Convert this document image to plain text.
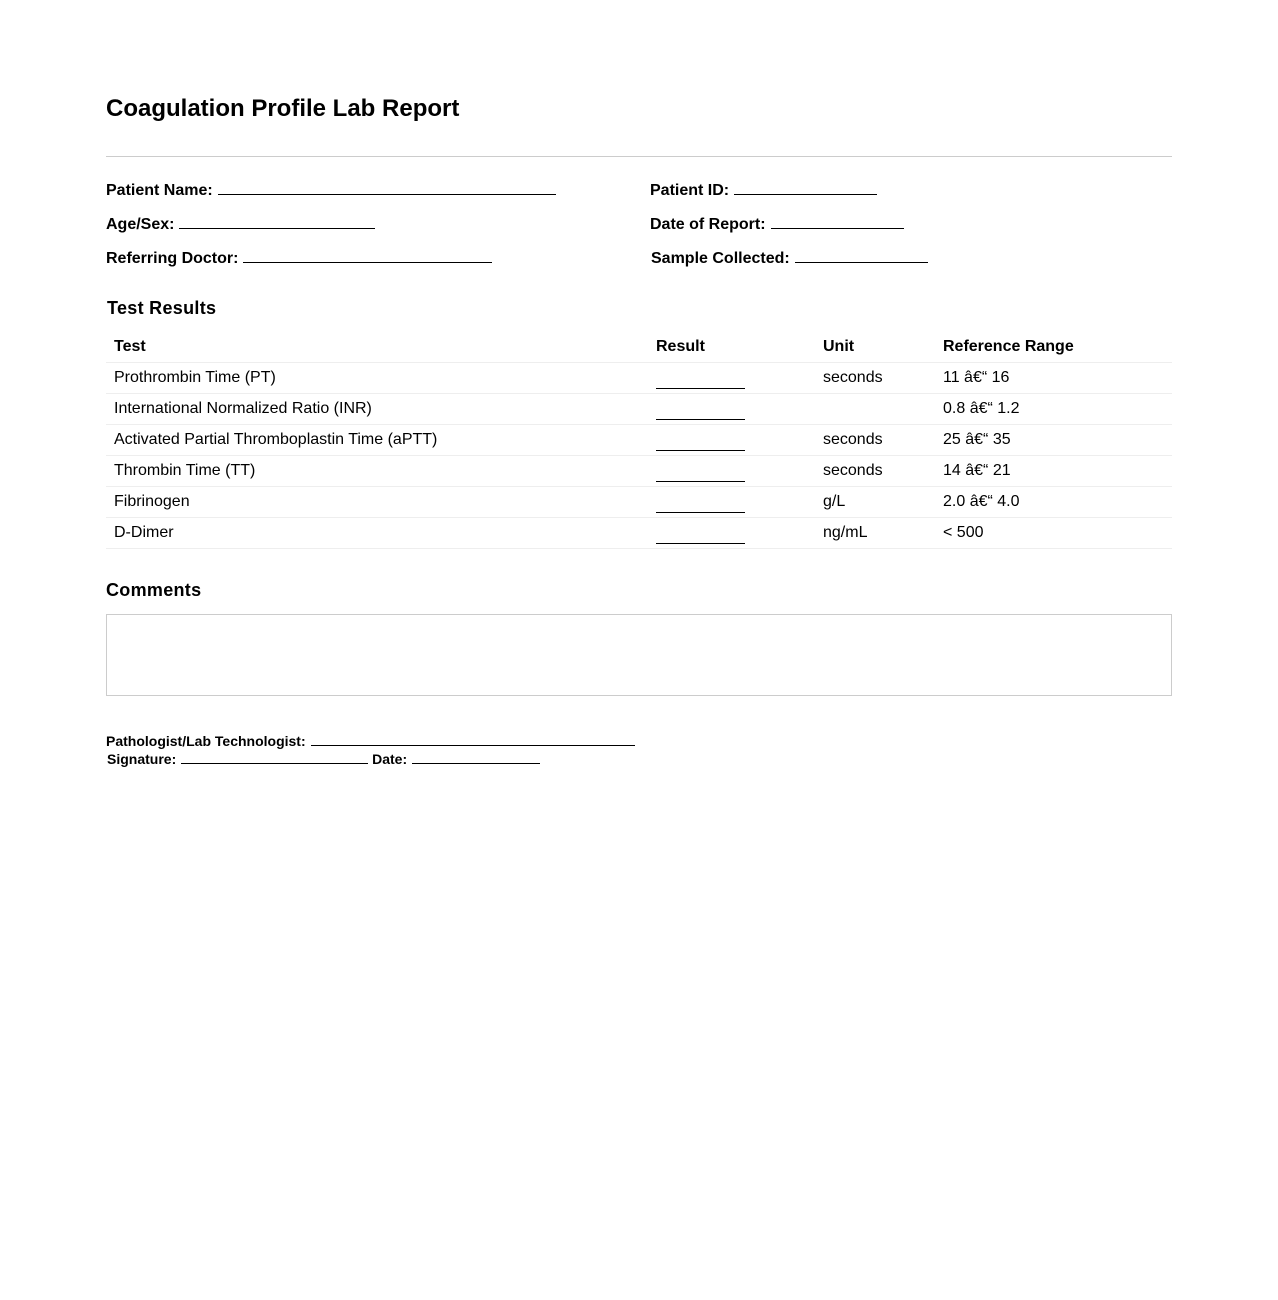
Coagulation Profile Lab Report
Patient Name:
Age/Sex:
Referring Doctor:
Patient ID:
Date of Report:
Sample Collected:
Test Results
Test	Result	Unit	Reference Range
Prothrombin Time (PT)		seconds	11 â€“ 16
International Normalized Ratio (INR)			0.8 â€“ 1.2
Activated Partial Thromboplastin Time (aPTT)		seconds	25 â€“ 35
Thrombin Time (TT)		seconds	14 â€“ 21
Fibrinogen		g/L	2.0 â€“ 4.0
D-Dimer		ng/mL	< 500
Comments
Pathologist/Lab Technologist:
Signature:	Date:
